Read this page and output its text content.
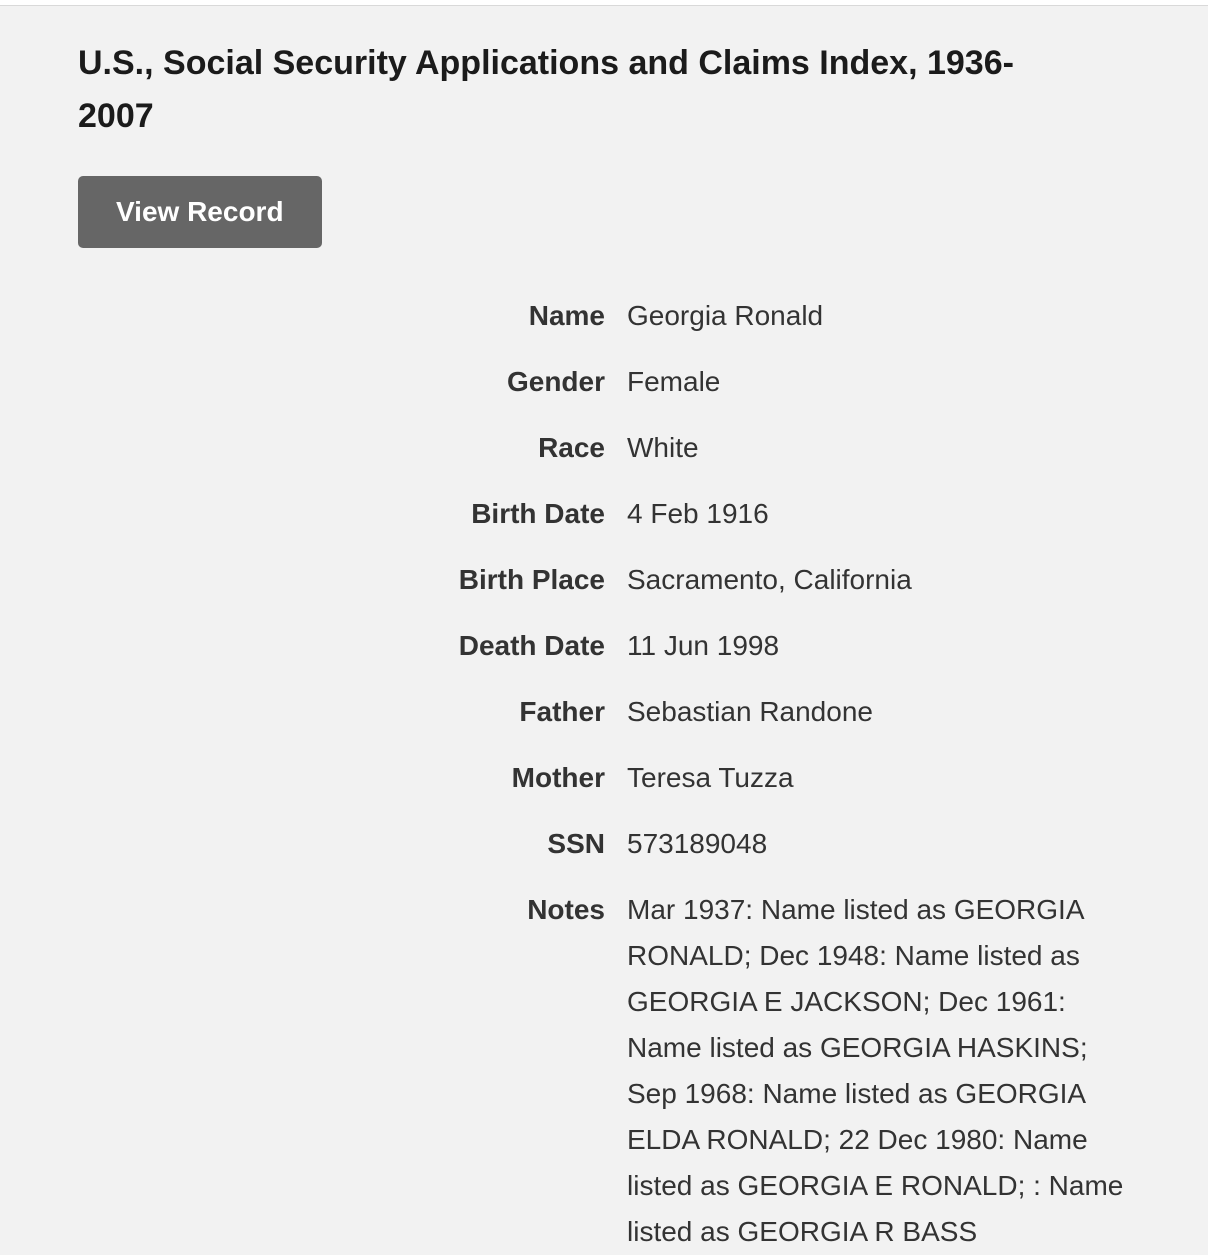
U.S., Social Security Applications and Claims Index, 1936-2007
View Record
Name Georgia Ronald
Gender Female
Race White
Birth Date 4 Feb 1916
Birth Place Sacramento, California
Death Date 11 Jun 1998
Father Sebastian Randone
Mother Teresa Tuzza
SSN 573189048
Notes Mar 1937: Name listed as GEORGIA RONALD; Dec 1948: Name listed as GEORGIA E JACKSON; Dec 1961: Name listed as GEORGIA HASKINS; Sep 1968: Name listed as GEORGIA ELDA RONALD; 22 Dec 1980: Name listed as GEORGIA E RONALD; : Name listed as GEORGIA R BASS
